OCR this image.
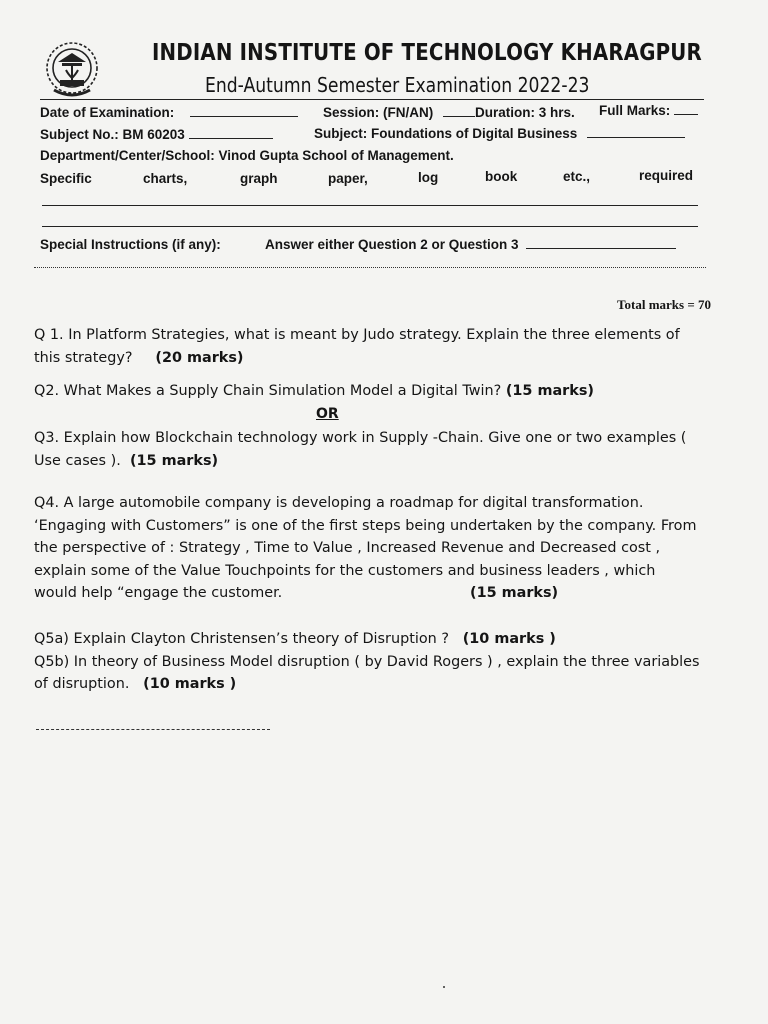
INDIAN INSTITUTE OF TECHNOLOGY KHARAGPUR
End-Autumn Semester Examination 2022-23
Date of Examination:	Session: (FN/AN)	Duration: 3 hrs. Full Marks:
Subject No.: BM 60203	Subject: Foundations of Digital Business
Department/Center/School: Vinod Gupta School of Management.
Specific	charts,	graph	paper,	log	book	etc.,	required
Special Instructions (if any):	Answer either Question 2 or Question 3
Total marks = 70
Q 1. In Platform Strategies, what is meant by Judo strategy. Explain the three elements of
this strategy? (20 marks)
Q2. What Makes a Supply Chain Simulation Model a Digital Twin? (15 marks)
OR
Q3. Explain how Blockchain technology work in Supply -Chain. Give one or two examples (
Use cases ). (15 marks)
Q4. A large automobile company is developing a roadmap for digital transformation.
‘Engaging with Customers” is one of the first steps being undertaken by the company. From
the perspective of : Strategy , Time to Value , Increased Revenue and Decreased cost ,
explain some of the Value Touchpoints for the customers and business leaders , which
would help “engage the customer.	(15 marks)
Q5a) Explain Clayton Christensen’s theory of Disruption ? (10 marks )
Q5b) In theory of Business Model disruption ( by David Rogers ) , explain the three variables
of disruption. (10 marks )
